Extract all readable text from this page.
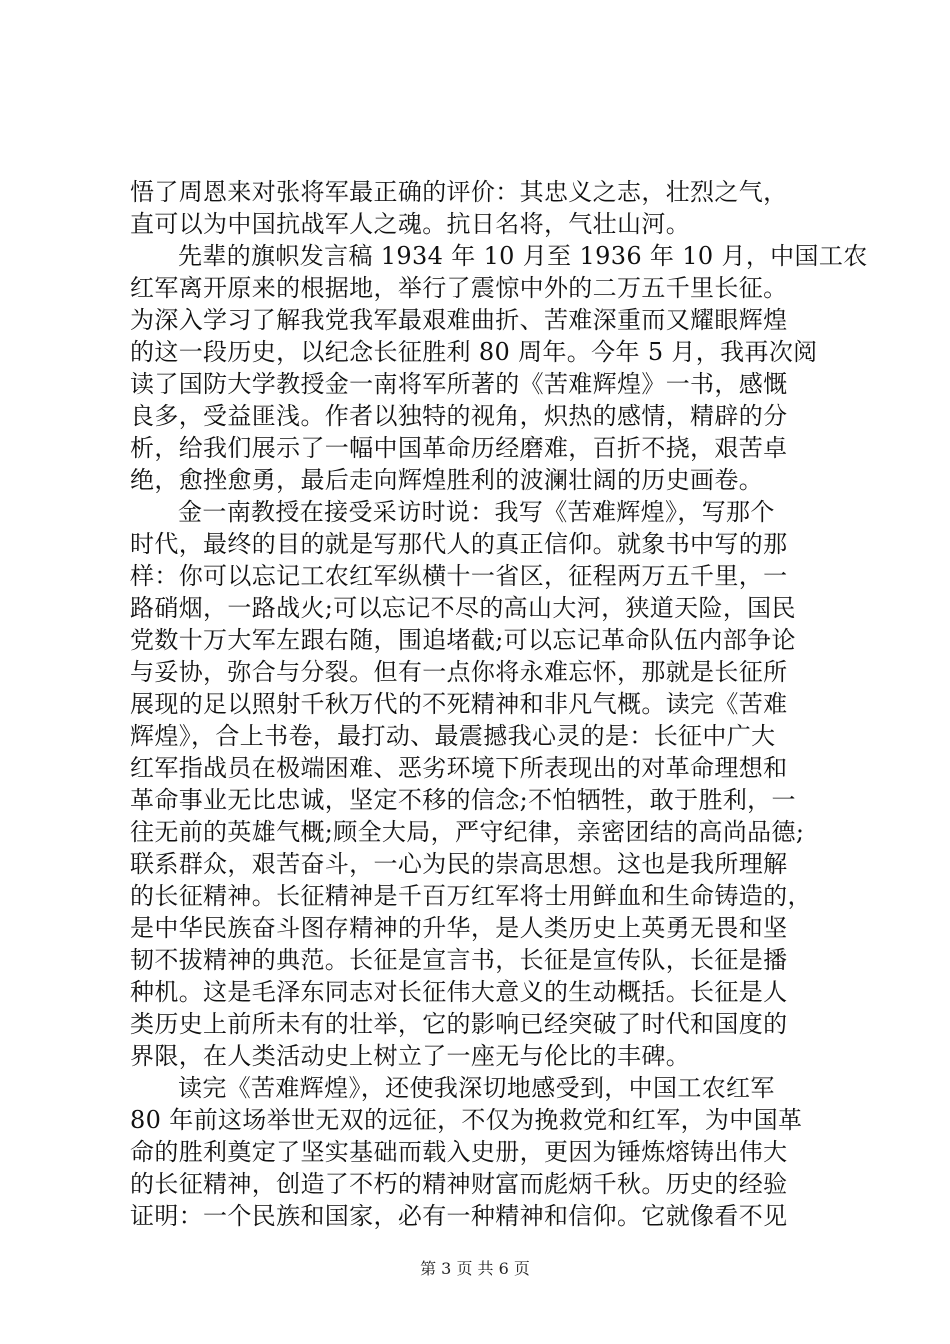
悟了周恩来对张将军最正确的评价：其忠义之志，壮烈之气，
直可以为中国抗战军人之魂。抗日名将，气壮山河。
先辈的旗帜发言稿 1934 年 10 月至 1936 年 10 月，中国工农
红军离开原来的根据地，举行了震惊中外的二万五千里长征。
为深入学习了解我党我军最艰难曲折、苦难深重而又耀眼辉煌
的这一段历史，以纪念长征胜利 80 周年。今年 5 月，我再次阅
读了国防大学教授金一南将军所著的《苦难辉煌》一书，感慨
良多，受益匪浅。作者以独特的视角，炽热的感情，精辟的分
析，给我们展示了一幅中国革命历经磨难，百折不挠，艰苦卓
绝，愈挫愈勇，最后走向辉煌胜利的波澜壮阔的历史画卷。
金一南教授在接受采访时说：我写《苦难辉煌》，写那个
时代，最终的目的就是写那代人的真正信仰。就象书中写的那
样：你可以忘记工农红军纵横十一省区，征程两万五千里，一
路硝烟，一路战火;可以忘记不尽的高山大河，狭道天险，国民
党数十万大军左跟右随，围追堵截;可以忘记革命队伍内部争论
与妥协，弥合与分裂。但有一点你将永难忘怀，那就是长征所
展现的足以照射千秋万代的不死精神和非凡气概。读完《苦难
辉煌》，合上书卷，最打动、最震撼我心灵的是：长征中广大
红军指战员在极端困难、恶劣环境下所表现出的对革命理想和
革命事业无比忠诚，坚定不移的信念;不怕牺牲，敢于胜利，一
往无前的英雄气概;顾全大局，严守纪律，亲密团结的高尚品德;
联系群众，艰苦奋斗，一心为民的崇高思想。这也是我所理解
的长征精神。长征精神是千百万红军将士用鲜血和生命铸造的，
是中华民族奋斗图存精神的升华，是人类历史上英勇无畏和坚
韧不拔精神的典范。长征是宣言书，长征是宣传队，长征是播
种机。这是毛泽东同志对长征伟大意义的生动概括。长征是人
类历史上前所未有的壮举，它的影响已经突破了时代和国度的
界限，在人类活动史上树立了一座无与伦比的丰碑。
读完《苦难辉煌》，还使我深切地感受到，中国工农红军
80 年前这场举世无双的远征，不仅为挽救党和红军，为中国革
命的胜利奠定了坚实基础而载入史册，更因为锤炼熔铸出伟大
的长征精神，创造了不朽的精神财富而彪炳千秋。历史的经验
证明：一个民族和国家，必有一种精神和信仰。它就像看不见
第 3 页 共 6 页
